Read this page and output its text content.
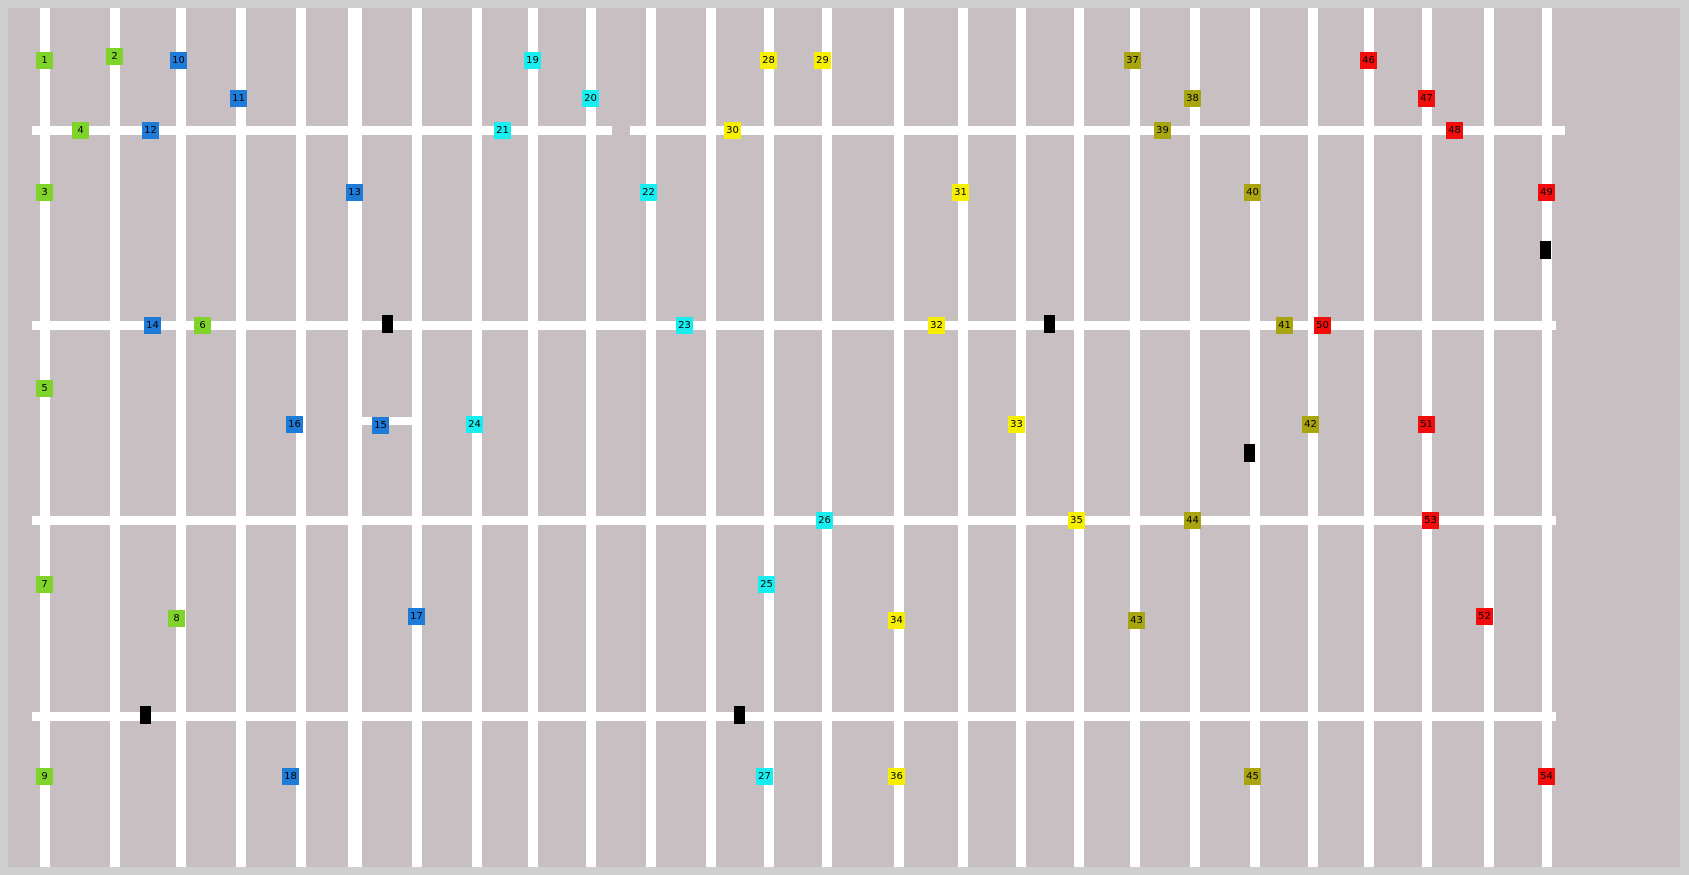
1	2
3
4
5
6
7
8
9
10
11
12
13
14
15
16
17
18
19
20
21
22
23
24
25
26
27
28	29
30
31
32
33
34
35
36
37
38
39
40
41
42
43
44
45
46
47
48
49
50
51
52
53
54
